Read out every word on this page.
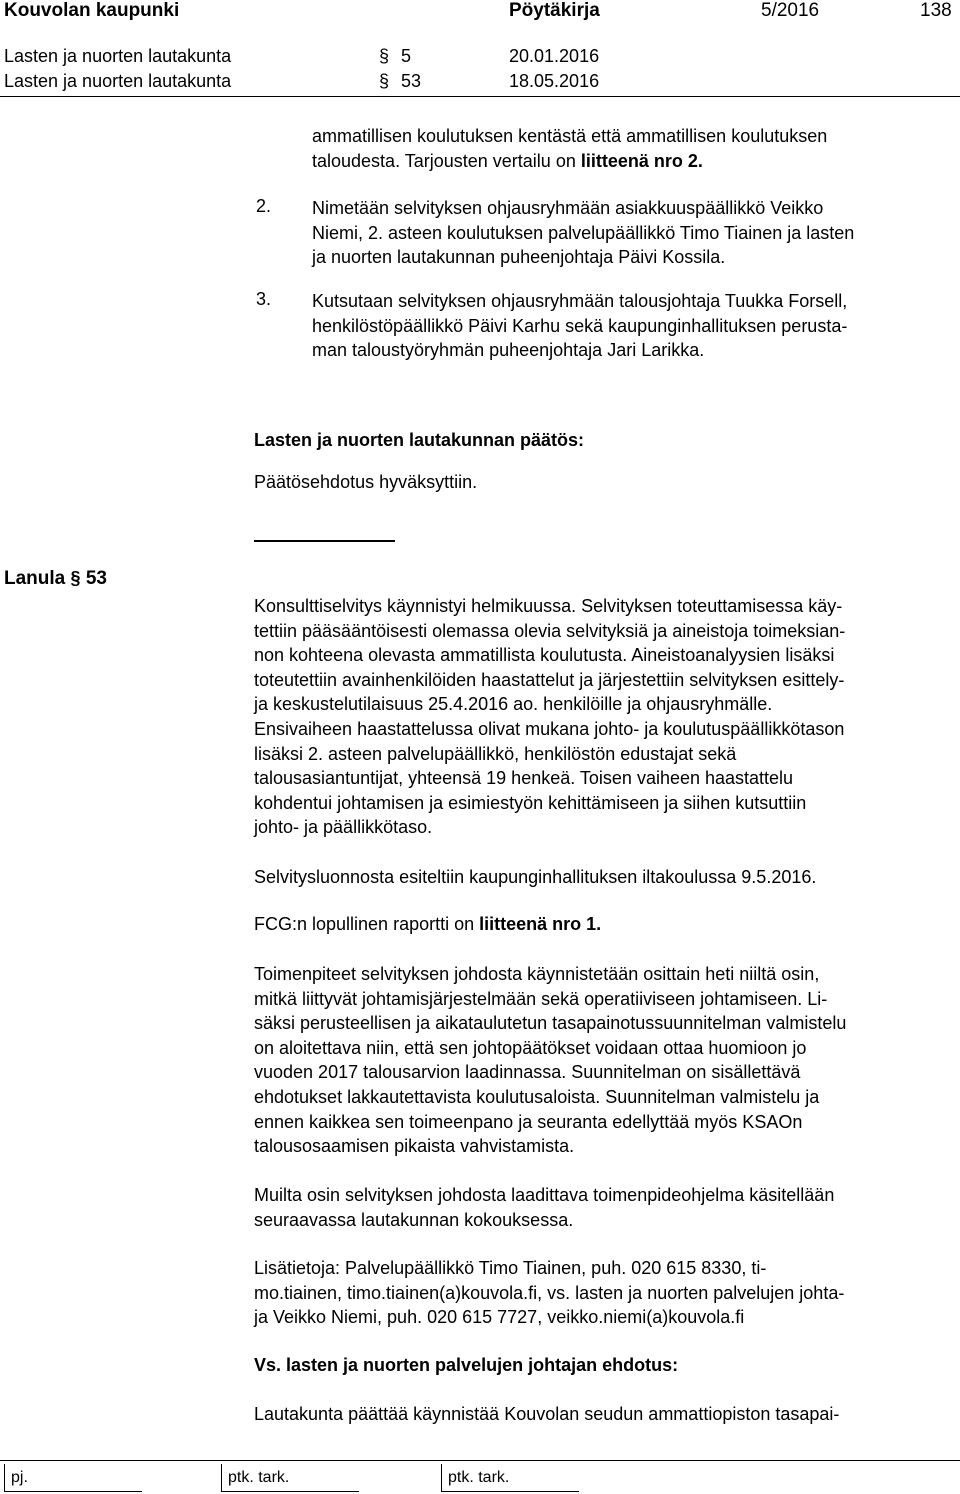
Kouvolan kaupunki	Pöytäkirja	5/2016	138
Lasten ja nuorten lautakunta	§ 5	20.01.2016
Lasten ja nuorten lautakunta	§ 53	18.05.2016
ammatillisen koulutuksen kentästä että ammatillisen koulutuksen
taloudesta. Tarjousten vertailu on liitteenä nro 2.
2. Nimetään selvityksen ohjausryhmään asiakkuuspäällikkö Veikko
Niemi, 2. asteen koulutuksen palvelupäällikkö Timo Tiainen ja lasten
ja nuorten lautakunnan puheenjohtaja Päivi Kossila.
3. Kutsutaan selvityksen ohjausryhmään talousjohtaja Tuukka Forsell,
henkilöstöpäällikkö Päivi Karhu sekä kaupunginhallituksen perusta-
man taloustyöryhmän puheenjohtaja Jari Larikka.
Lasten ja nuorten lautakunnan päätös:
Päätösehdotus hyväksyttiin.
Lanula § 53
Konsulttiselvitys käynnistyi helmikuussa. Selvityksen toteuttamisessa käy-
tettiin pääsääntöisesti olemassa olevia selvityksiä ja aineistoja toimeksian-
non kohteena olevasta ammatillista koulutusta. Aineistoanalyysien lisäksi
toteutettiin avainhenkilöiden haastattelut ja järjestettiin selvityksen esittely-
ja keskustelutilaisuus 25.4.2016 ao. henkilöille ja ohjausryhmälle.
Ensivaiheen haastattelussa olivat mukana johto- ja koulutuspäällikkötason
lisäksi 2. asteen palvelupäällikkö, henkilöstön edustajat sekä
talousasiantuntijat, yhteensä 19 henkeä. Toisen vaiheen haastattelu
kohdentui johtamisen ja esimiestyön kehittämiseen ja siihen kutsuttiin
johto- ja päällikkötaso.
Selvitysluonnosta esiteltiin kaupunginhallituksen iltakoulussa 9.5.2016.
FCG:n lopullinen raportti on liitteenä nro 1.
Toimenpiteet selvityksen johdosta käynnistetään osittain heti niiltä osin,
mitkä liittyvät johtamisjärjestelmään sekä operatiiviseen johtamiseen. Li-
säksi perusteellisen ja aikataulutetun tasapainotussuunnitelman valmistelu
on aloitettava niin, että sen johtopäätökset voidaan ottaa huomioon jo
vuoden 2017 talousarvion laadinnassa. Suunnitelman on sisällettävä
ehdotukset lakkautettavista koulutusaloista. Suunnitelman valmistelu ja
ennen kaikkea sen toimeenpano ja seuranta edellyttää myös KSAOn
talousosaamisen pikaista vahvistamista.
Muilta osin selvityksen johdosta laadittava toimenpideohjelma käsitellään
seuraavassa lautakunnan kokouksessa.
Lisätietoja: Palvelupäällikkö Timo Tiainen, puh. 020 615 8330, ti-
mo.tiainen, timo.tiainen(a)kouvola.fi, vs. lasten ja nuorten palvelujen johta-
ja Veikko Niemi, puh. 020 615 7727, veikko.niemi(a)kouvola.fi
Vs. lasten ja nuorten palvelujen johtajan ehdotus:
Lautakunta päättää käynnistää Kouvolan seudun ammattiopiston tasapai-
pj.	ptk. tark.	ptk. tark.
